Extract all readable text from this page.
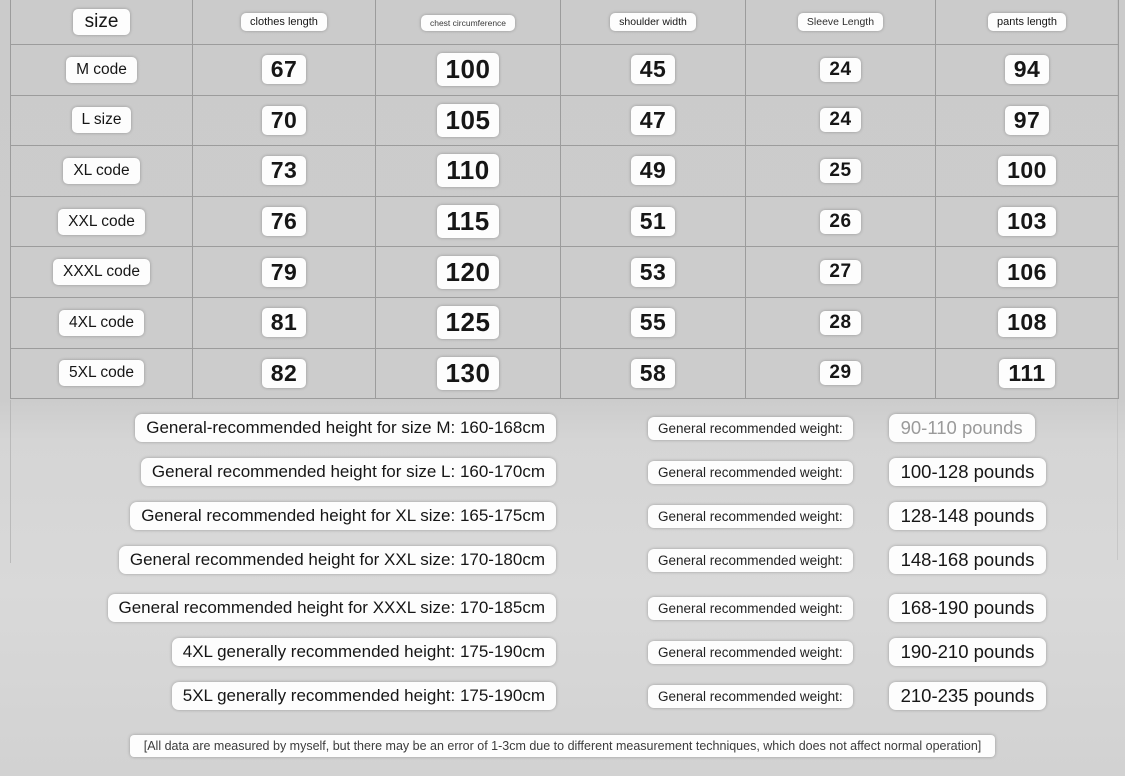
size	clothes length	chest circumference	shoulder width	Sleeve Length	pants length
M code	67	100	45	24	94
L size	70	105	47	24	97
XL code	73	110	49	25	100
XXL code	76	115	51	26	103
XXXL code	79	120	53	27	106
4XL code	81	125	55	28	108
5XL code	82	130	58	29	111
General-recommended height for size M: 160-168cm	General recommended weight:	90-110 pounds
General recommended height for size L: 160-170cm	General recommended weight:	100-128 pounds
General recommended height for XL size: 165-175cm	General recommended weight:	128-148 pounds
General recommended height for XXL size: 170-180cm	General recommended weight:	148-168 pounds
General recommended height for XXXL size: 170-185cm	General recommended weight:	168-190 pounds
4XL generally recommended height: 175-190cm	General recommended weight:	190-210 pounds
5XL generally recommended height: 175-190cm	General recommended weight:	210-235 pounds
[All data are measured by myself, but there may be an error of 1-3cm due to different measurement techniques, which does not affect normal operation]
